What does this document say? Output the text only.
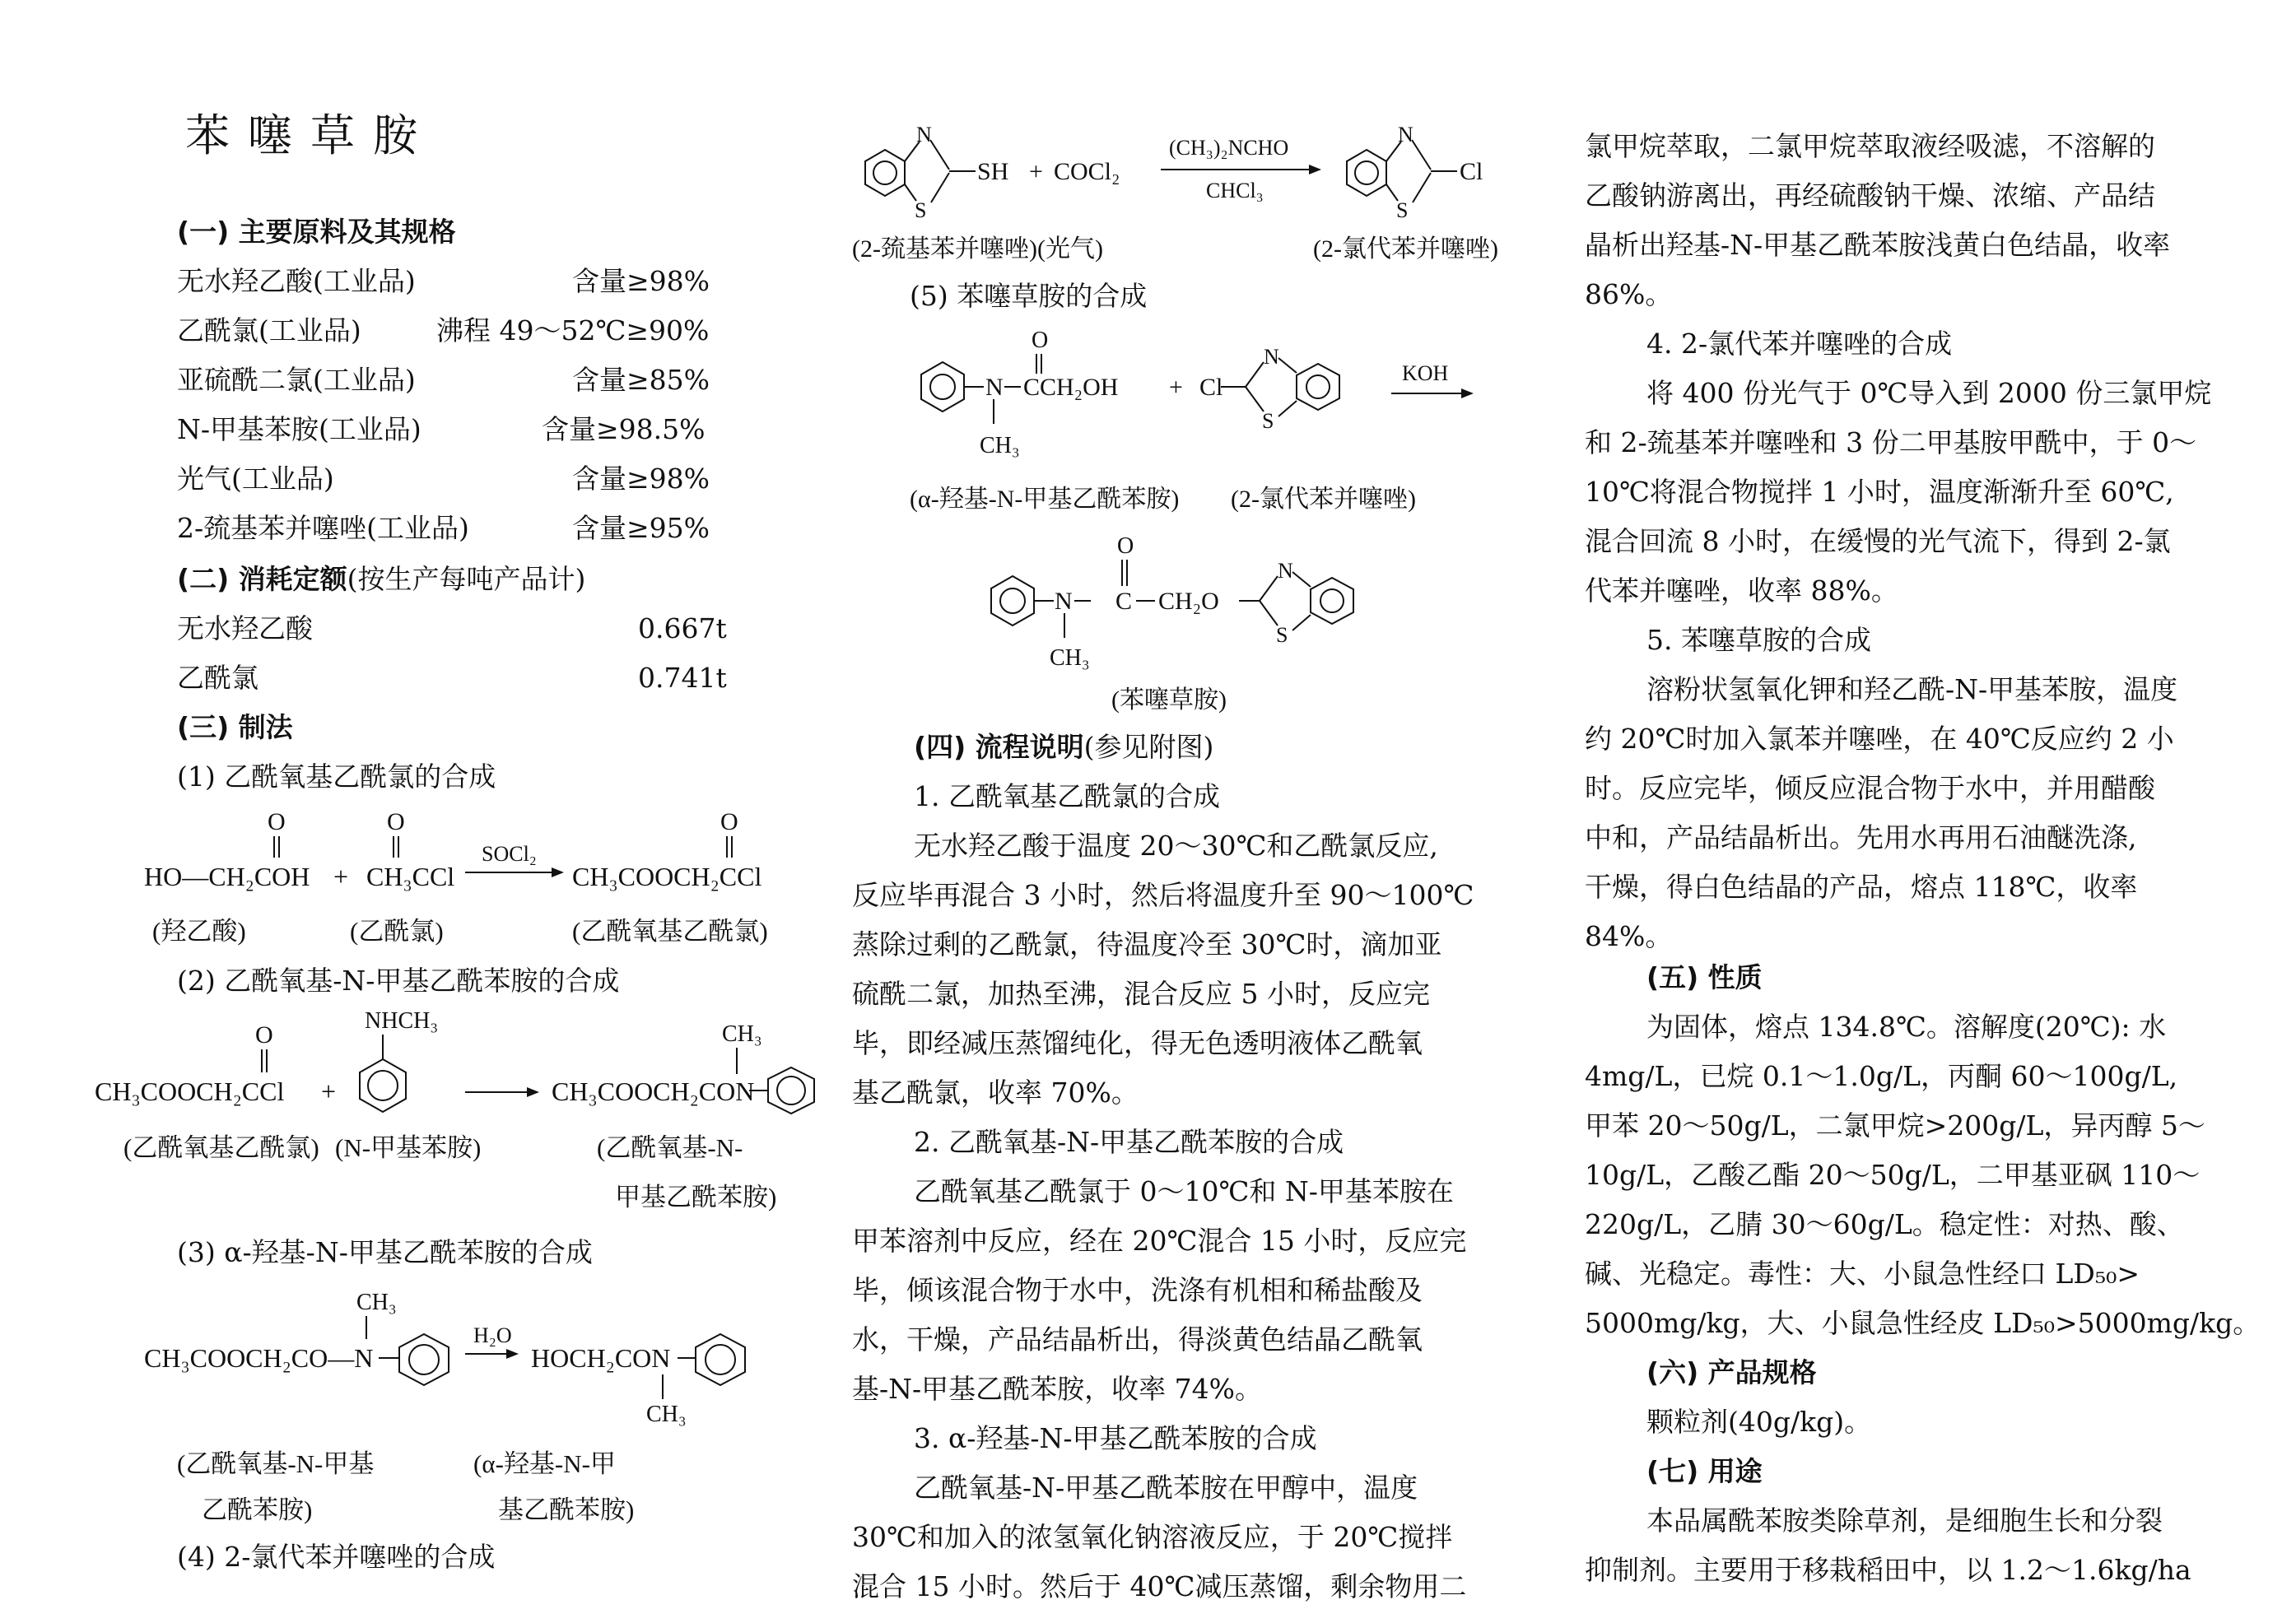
苯噻草胺
(一) 主要原料及其规格
无水羟乙酸(工业品)	含量≥98%
乙酰氯(工业品)	沸程 49～52℃≥90%
亚硫酰二氯(工业品)	含量≥85%
N-甲基苯胺(工业品)	含量≥98.5%
光气(工业品)	含量≥98%
2-巯基苯并噻唑(工业品)	含量≥95%
(二) 消耗定额(按生产每吨产品计)
无水羟乙酸	0.667t
乙酰氯	0.741t
(三) 制法
(1) 乙酰氧基乙酰氯的合成
O	O	O
HO—CH₂COH + CH₃CCl
SOCl₂
CH₃COOCH₂CCl
(羟乙酸)	(乙酰氯)	(乙酰氧基乙酰氯)
(2) 乙酰氧基-N-甲基乙酰苯胺的合成
O
CH₃COOCH₂CCl +
NHCH₃
CH₃COOCH₂CON
CH₃
(乙酰氧基乙酰氯) (N-甲基苯胺)	(乙酰氧基-N-
甲基乙酰苯胺)
(3) α-羟基-N-甲基乙酰苯胺的合成
CH₃
CH₃COOCH₂CO—N
H₂O
HOCH₂CON
CH₃
(乙酰氧基-N-甲基
乙酰苯胺)
(α-羟基-N-甲
基乙酰苯胺)
(4) 2-氯代苯并噻唑的合成
N
S
SH + COCl₂
(CH₃)₂NCHO
CHCl₃
N
S
Cl
(2-巯基苯并噻唑)(光气)	(2-氯代苯并噻唑)
(5) 苯噻草胺的合成
N
CH₃
O
CCH₂OH + Cl
N
S
KOH
(α-羟基-N-甲基乙酰苯胺) (2-氯代苯并噻唑)
N
CH₃
O
C CH₂O
N
S
(苯噻草胺)
(四) 流程说明(参见附图)
1. 乙酰氧基乙酰氯的合成
无水羟乙酸于温度 20～30℃和乙酰氯反应,
反应毕再混合 3 小时，然后将温度升至 90～100℃
蒸除过剩的乙酰氯，待温度冷至 30℃时，滴加亚
硫酰二氯，加热至沸，混合反应 5 小时，反应完
毕，即经减压蒸馏纯化，得无色透明液体乙酰氧
基乙酰氯，收率 70%。
2. 乙酰氧基-N-甲基乙酰苯胺的合成
乙酰氧基乙酰氯于 0～10℃和 N-甲基苯胺在
甲苯溶剂中反应，经在 20℃混合 15 小时，反应完
毕，倾该混合物于水中，洗涤有机相和稀盐酸及
水，干燥，产品结晶析出，得淡黄色结晶乙酰氧
基-N-甲基乙酰苯胺，收率 74%。
3. α-羟基-N-甲基乙酰苯胺的合成
乙酰氧基-N-甲基乙酰苯胺在甲醇中，温度
30℃和加入的浓氢氧化钠溶液反应，于 20℃搅拌
混合 15 小时。然后于 40℃减压蒸馏，剩余物用二
氯甲烷萃取，二氯甲烷萃取液经吸滤，不溶解的
乙酸钠游离出，再经硫酸钠干燥、浓缩、产品结
晶析出羟基-N-甲基乙酰苯胺浅黄白色结晶，收率
86%。
4. 2-氯代苯并噻唑的合成
将 400 份光气于 0℃导入到 2000 份三氯甲烷
和 2-巯基苯并噻唑和 3 份二甲基胺甲酰中，于 0～
10℃将混合物搅拌 1 小时，温度渐渐升至 60℃,
混合回流 8 小时，在缓慢的光气流下，得到 2-氯
代苯并噻唑，收率 88%。
5. 苯噻草胺的合成
溶粉状氢氧化钾和羟乙酰-N-甲基苯胺，温度
约 20℃时加入氯苯并噻唑，在 40℃反应约 2 小
时。反应完毕，倾反应混合物于水中，并用醋酸
中和，产品结晶析出。先用水再用石油醚洗涤,
干燥，得白色结晶的产品，熔点 118℃，收率
84%。
(五) 性质
为固体，熔点 134.8℃。溶解度(20℃): 水
4mg/L，已烷 0.1～1.0g/L，丙酮 60～100g/L,
甲苯 20～50g/L，二氯甲烷>200g/L，异丙醇 5～
10g/L，乙酸乙酯 20～50g/L，二甲基亚砜 110～
220g/L，乙腈 30～60g/L。稳定性：对热、酸、
碱、光稳定。毒性：大、小鼠急性经口 LD₅₀>
5000mg/kg，大、小鼠急性经皮 LD₅₀>5000mg/kg。
(六) 产品规格
颗粒剂(40g/kg)。
(七) 用途
本品属酰苯胺类除草剂，是细胞生长和分裂
抑制剂。主要用于移栽稻田中，以 1.2～1.6kg/ha
